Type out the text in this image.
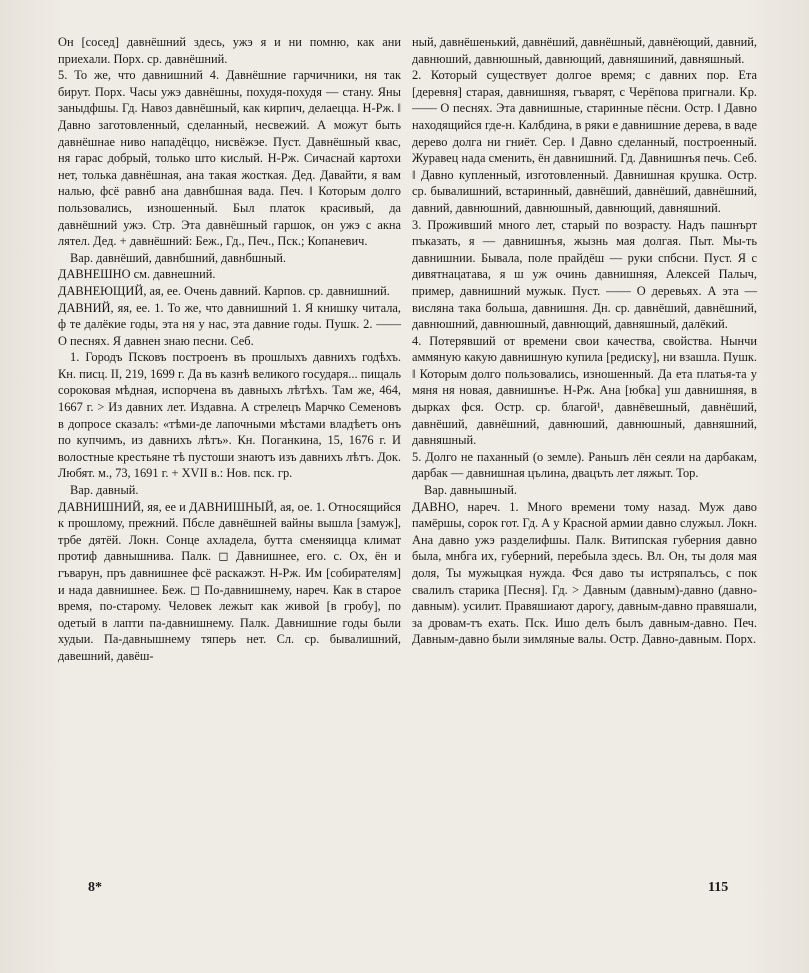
Он [сосед] давнёшний здесь, ужэ я и ни помню, как ани приехали. Порх. ср. давнёшний.

5. То же, что давнишний 4. Давнёшние гарчичники, ня так бирут. Порх. Часы ужэ давнёшны, похудя-похудя — стану. Яны заныдфшы. Гд. Навоз давнёшный, как кирпич, делаецца. Н-Рж. ‖ Давно заготовленный, сделанный, несвежий. А можут быть давнёшнае ниво нападёццо, нисвёжэе. Пуст. Давнёшный квас, ня гарас добрый, только што кислый. Н-Рж. Сичаснай картохи нет, толька давнёшная, ана такая жосткая. Дед. Давайти, я вам налью, фсё равнб ана давнбшная вада. Печ. ‖ Которым долго пользовались, изношенный. Был платок красивый, да давнёшний ужэ. Стр. Эта давнёшный гаршок, он ужэ с акна лятел. Дед. + давнёшний: Беж., Гд., Печ., Пск.; Копаневич.

Вар. давнёший, давнбшний, давнбшный.

ДАВНЕШНО см. давнешний.

ДАВНЕЮЩИЙ, ая, ее. Очень давний. Карпов. ср. давнишний.

ДАВНИЙ, яя, ее. 1. То же, что давнишний 1. Я книшку читала, ф те далёкие годы, эта ня у нас, эта давние годы. Пушк. 2. —— О песнях. Я давнен знаю песни. Себ.

1. Городъ Псковъ построенъ въ прошлыхъ давнихъ годѣхъ. Кн. писц. II, 219, 1699 г. Да въ казнѣ великого государя... пищаль сороковая мѣдная, испорчена въ давныхъ лѣтѣхъ. Там же, 464, 1667 г. > Из давних лет. Издавна. А стрелецъ Марчко Семеновъ в допросе сказалъ: «тѣми-де лапочными мѣстами владѣетъ онъ по купчимъ, из давнихъ лѣтъ». Кн. Поганкина, 15, 1676 г. И волостные крестьяне тѣ пустоши знаютъ изъ давнихъ лѣтъ. Док. Любят. м., 73, 1691 г. + XVII в.: Нов. пск. гр.

Вар. давный.

ДАВНИШНИЙ, яя, ее и ДАВНИШНЫЙ, ая, ое. 1. Относящийся к прошлому, прежний. Пбсле давнёшней вайны вышла [замуж], трбе дятёй. Локн. Сонце ахладела, бутта сменяицца климат протиф давнышнива. Палк. ◻ Давнишнее, его. с. Ох, ён и гъварун, пръ давнишнее фсё раскажэт. Н-Рж. Им [собирателям] и нада давнишнее. Беж. ◻ По-давнишнему, нареч. Как в старое время, по-старому. Человек лежыт как живой [в гробу], по одетый в лапти па-давнишнему. Палк. Давнишние годы были худыи. Па-давнышнему тяперь нет. Сл. ср. бывалишний, давешний, давёш-

ный, давнёшенький, давнёший, давнёшный, давнёющий, давний, давнюший, давнюшный, давнющий, давняшиний, давняшный.

2. Который существует долгое время; с давних пор. Ета [деревня] старая, давнишняя, гъварят, с Черёпова пригнали. Кр. —— О песнях. Эта давнишные, старинные пёсни. Остр. ‖ Давно находящийся где-н. Калбдина, в ряки е давнишние дерева, в ваде дерево долга ни гниёт. Сер. ‖ Давно сделанный, построенный. Журавец нада сменить, ён давнишний. Гд. Давнишнъя печь. Себ. ‖ Давно купленный, изготовленный. Давнишная крушка. Остр. ср. бывалишний, встаринный, давнёший, давнёший, давнёшний, давний, давнюшний, давнюшный, давнющий, давняшний.

3. Проживший много лет, старый по возрасту. Надъ пашнърт пъказать, я — давнишнъя, жызнь мая долгая. Пыт. Мы-ть давнишнии. Бывала, поле прайдёш — руки спбсни. Пуст. Я с дивятнацатава, я ш уж очинь давнишняя, Алексей Палыч, пример, давнишний мужык. Пуст. —— О деревьях. А эта — висляна така больша, давнишня. Дн. ср. давнёший, давнёшний, давнюшний, давнюшный, давнющий, давняшный, далёкий.

4. Потерявший от времени свои качества, свойства. Нынчи аммяную какую давнишную купила [редиску], ни взашла. Пушк. ‖ Которым долго пользовались, изношенный. Да ета платья-та у мяня ня новая, давнишнъе. Н-Рж. Ана [юбка] уш давнишняя, в дырках фся. Остр. ср. благой¹, давнёвешный, давнёший, давнёший, давнёшний, давнюший, давнюшный, давняшний, давняшный.

5. Долго не паханный (о земле). Раньшъ лён сеяли на дарбакам, дарбак — давнишная цълина, двацъть лет ляжыт. Тор.

Вар. давнышный.

ДАВНО, нареч. 1. Много времени тому назад. Муж даво памёршы, сорок гот. Гд. А у Красной армии давно служыл. Локн. Ана давно ужэ разделифшы. Палк. Витипская губерния давно была, мнбга их, губерний, перебыла здесь. Вл. Он, ты доля мая доля, Ты мужыцкая нужда. Фся даво ты истряпалъсь, с пок свалилъ старика [Песня]. Гд. > Давным (давным)-давно (давно-давным). усилит. Правяшиают дарогу, давным-давно правяшали, за дровам-тъ ехать. Пск. Ишо делъ былъ давным-давно. Печ. Давным-давно были зимляные валы. Остр. Давно-давным. Порх.

8*	115
